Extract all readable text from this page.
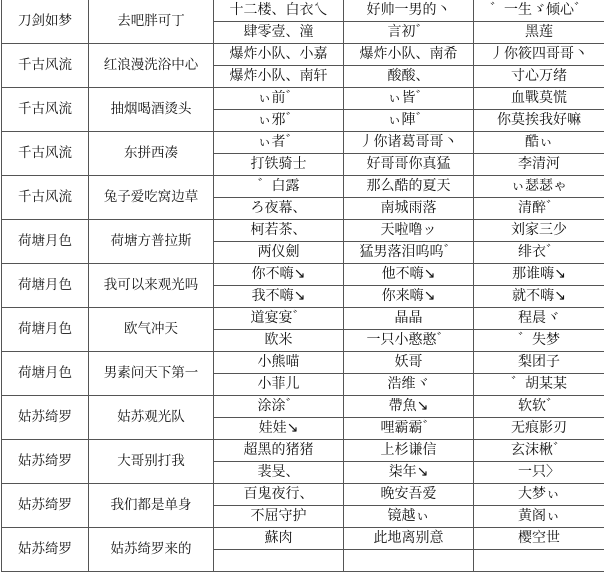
刀剑如梦	去吧胖可丁	十二楼、白衣乀	好帅一男的丶	゛一生ゞ倾心゛
		肆零壹、潼	言初゛	黑莲
千古风流	红浪漫洗浴中心	爆炸小队、小嘉	爆炸小队、南希	丿你筱四哥哥丶
		爆炸小队、南轩	酸酸、	寸心万绪
千古风流	抽烟喝酒烫头	ぃ前゛	ぃ皆゛	血戰莫慌
		ぃ邪゛	ぃ陣゛	你莫挨我好嘛
千古风流	东拼西凑	ぃ者゛	丿你诸葛哥哥丶	酷ぃ
		打铁骑士	好哥哥你真猛	李清河
千古风流	兔子爱吃窝边草	゛白露	那么酷的夏天	ぃ瑟瑟ゃ
		ろ夜幕、	南城雨落	清醉゛
荷塘月色	荷塘方普拉斯	柯若茶、	天啦噜ッ	刘家三少
		两仪劍	猛男落泪呜呜゛	绯衣゛
荷塘月色	我可以来观光吗	你不嗨↘	他不嗨↘	那谁嗨↘
		我不嗨↘	你来嗨↘	就不嗨↘
荷塘月色	欧气冲天	道宴宴゛	晶晶	程晨ヾ
		欧米	一只小憨憨゛	゛失梦
荷塘月色	男素问天下第一	小熊喵	妖哥	梨团子
		小菲儿	浩维ヾ	゛胡某某
姑苏绮罗	姑苏观光队	涂涂゛	帶魚↘	软软゛
		娃娃↘	哩霸霸゛	无痕影刃
姑苏绮罗	大哥别打我	超黑的猪猪	上杉谦信	玄沫楸゛
		裴旻、	柒年↘	一只〉
姑苏绮罗	我们都是单身	百鬼夜行、	晚安吾爱	大梦ぃ
		不屈守护	镜越ぃ	黄阁ぃ
姑苏绮罗	姑苏绮罗来的	蘇肉	此地离别意	樱空世
